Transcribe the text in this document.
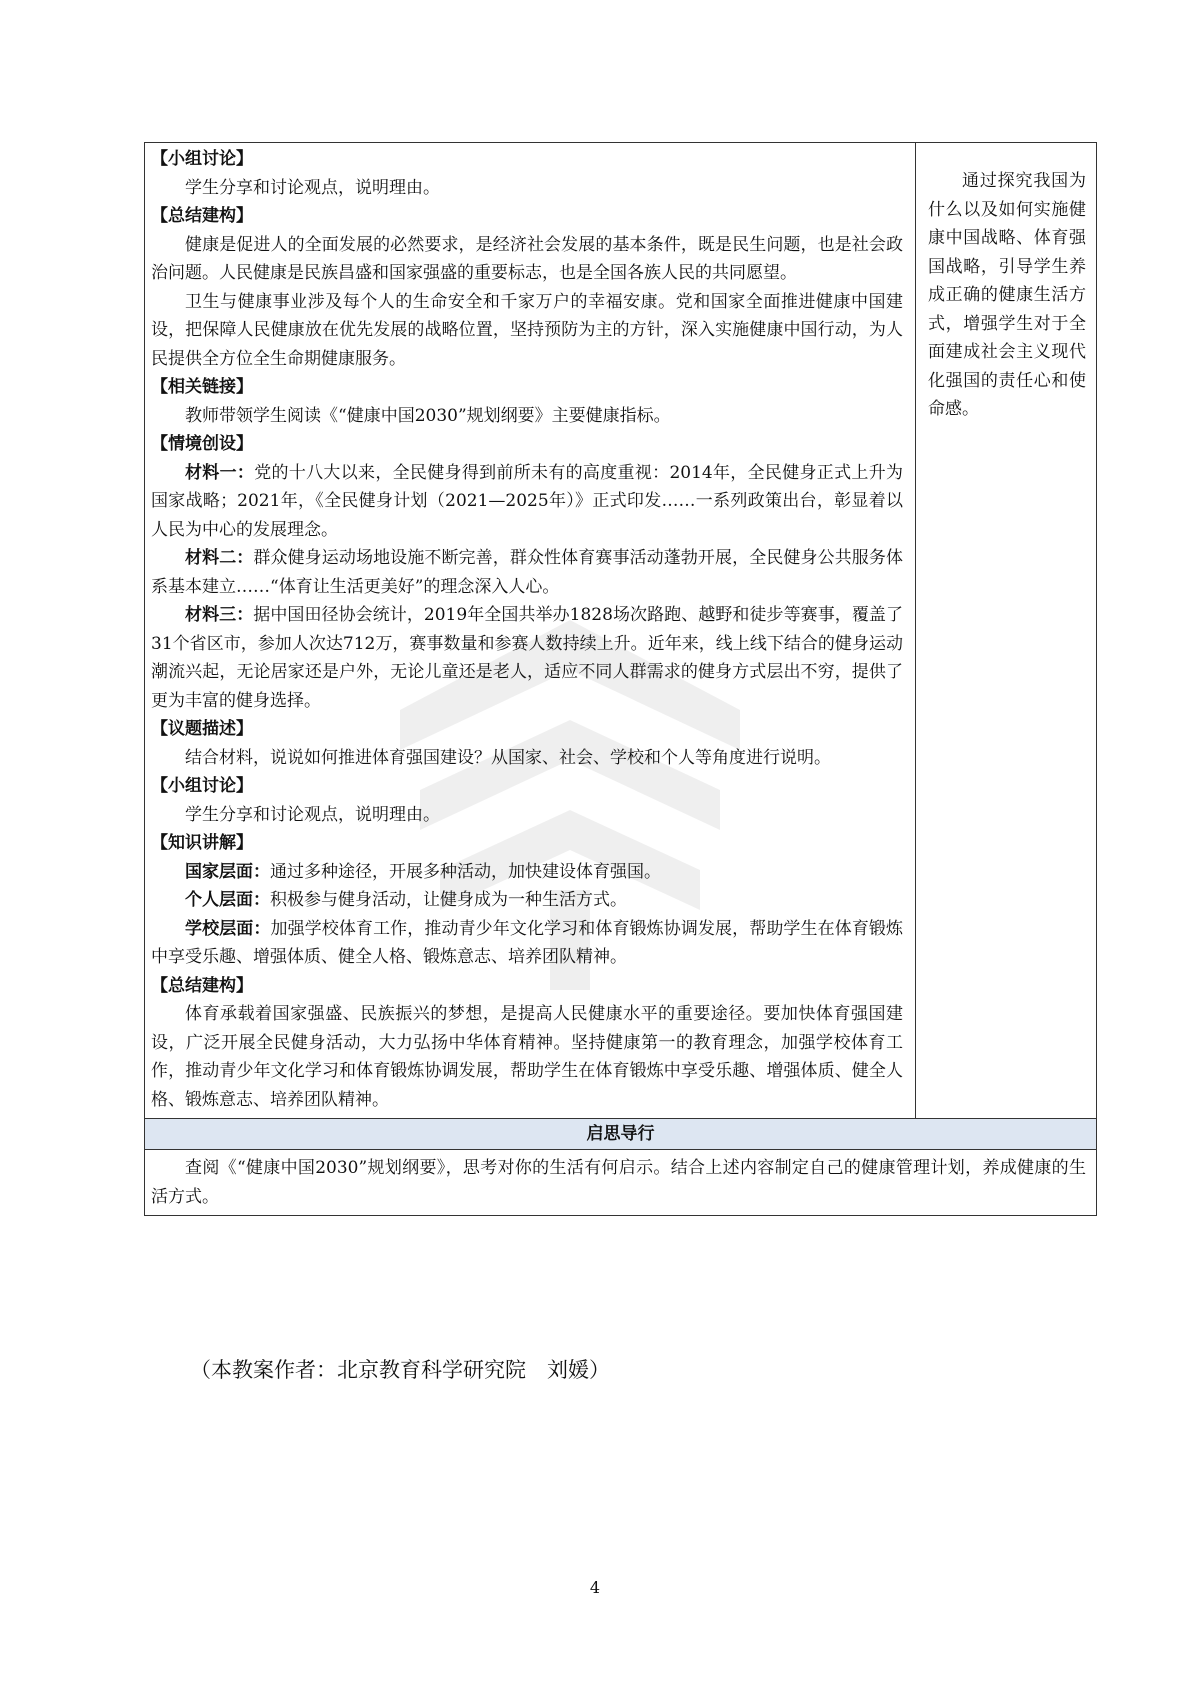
【小组讨论】

学生分享和讨论观点，说明理由。

【总结建构】

健康是促进人的全面发展的必然要求，是经济社会发展的基本条件，既是民生问题，也是社会政治问题。人民健康是民族昌盛和国家强盛的重要标志，也是全国各族人民的共同愿望。

卫生与健康事业涉及每个人的生命安全和千家万户的幸福安康。党和国家全面推进健康中国建设，把保障人民健康放在优先发展的战略位置，坚持预防为主的方针，深入实施健康中国行动，为人民提供全方位全生命期健康服务。

【相关链接】

教师带领学生阅读《“健康中国2030”规划纲要》主要健康指标。

【情境创设】

材料一：党的十八大以来，全民健身得到前所未有的高度重视：2014年，全民健身正式上升为国家战略；2021年，《全民健身计划（2021—2025年）》正式印发……一系列政策出台，彰显着以人民为中心的发展理念。

材料二：群众健身运动场地设施不断完善，群众性体育赛事活动蓬勃开展，全民健身公共服务体系基本建立……“体育让生活更美好”的理念深入人心。

材料三：据中国田径协会统计，2019年全国共举办1828场次路跑、越野和徒步等赛事，覆盖了31个省区市，参加人次达712万，赛事数量和参赛人数持续上升。近年来，线上线下结合的健身运动潮流兴起，无论居家还是户外，无论儿童还是老人，适应不同人群需求的健身方式层出不穷，提供了更为丰富的健身选择。

【议题描述】

结合材料，说说如何推进体育强国建设？从国家、社会、学校和个人等角度进行说明。

【小组讨论】

学生分享和讨论观点，说明理由。

【知识讲解】

国家层面：通过多种途径，开展多种活动，加快建设体育强国。

个人层面：积极参与健身活动，让健身成为一种生活方式。

学校层面：加强学校体育工作，推动青少年文化学习和体育锻炼协调发展，帮助学生在体育锻炼中享受乐趣、增强体质、健全人格、锻炼意志、培养团队精神。

【总结建构】

体育承载着国家强盛、民族振兴的梦想，是提高人民健康水平的重要途径。要加快体育强国建设，广泛开展全民健身活动，大力弘扬中华体育精神。坚持健康第一的教育理念，加强学校体育工作，推动青少年文化学习和体育锻炼协调发展，帮助学生在体育锻炼中享受乐趣、增强体质、健全人格、锻炼意志、培养团队精神。

通过探究我国为什么以及如何实施健康中国战略、体育强国战略，引导学生养成正确的健康生活方式，增强学生对于全面建成社会主义现代化强国的责任心和使命感。

启思导行

查阅《“健康中国2030”规划纲要》，思考对你的生活有何启示。结合上述内容制定自己的健康管理计划，养成健康的生活方式。

（本教案作者：北京教育科学研究院　刘媛）
4
